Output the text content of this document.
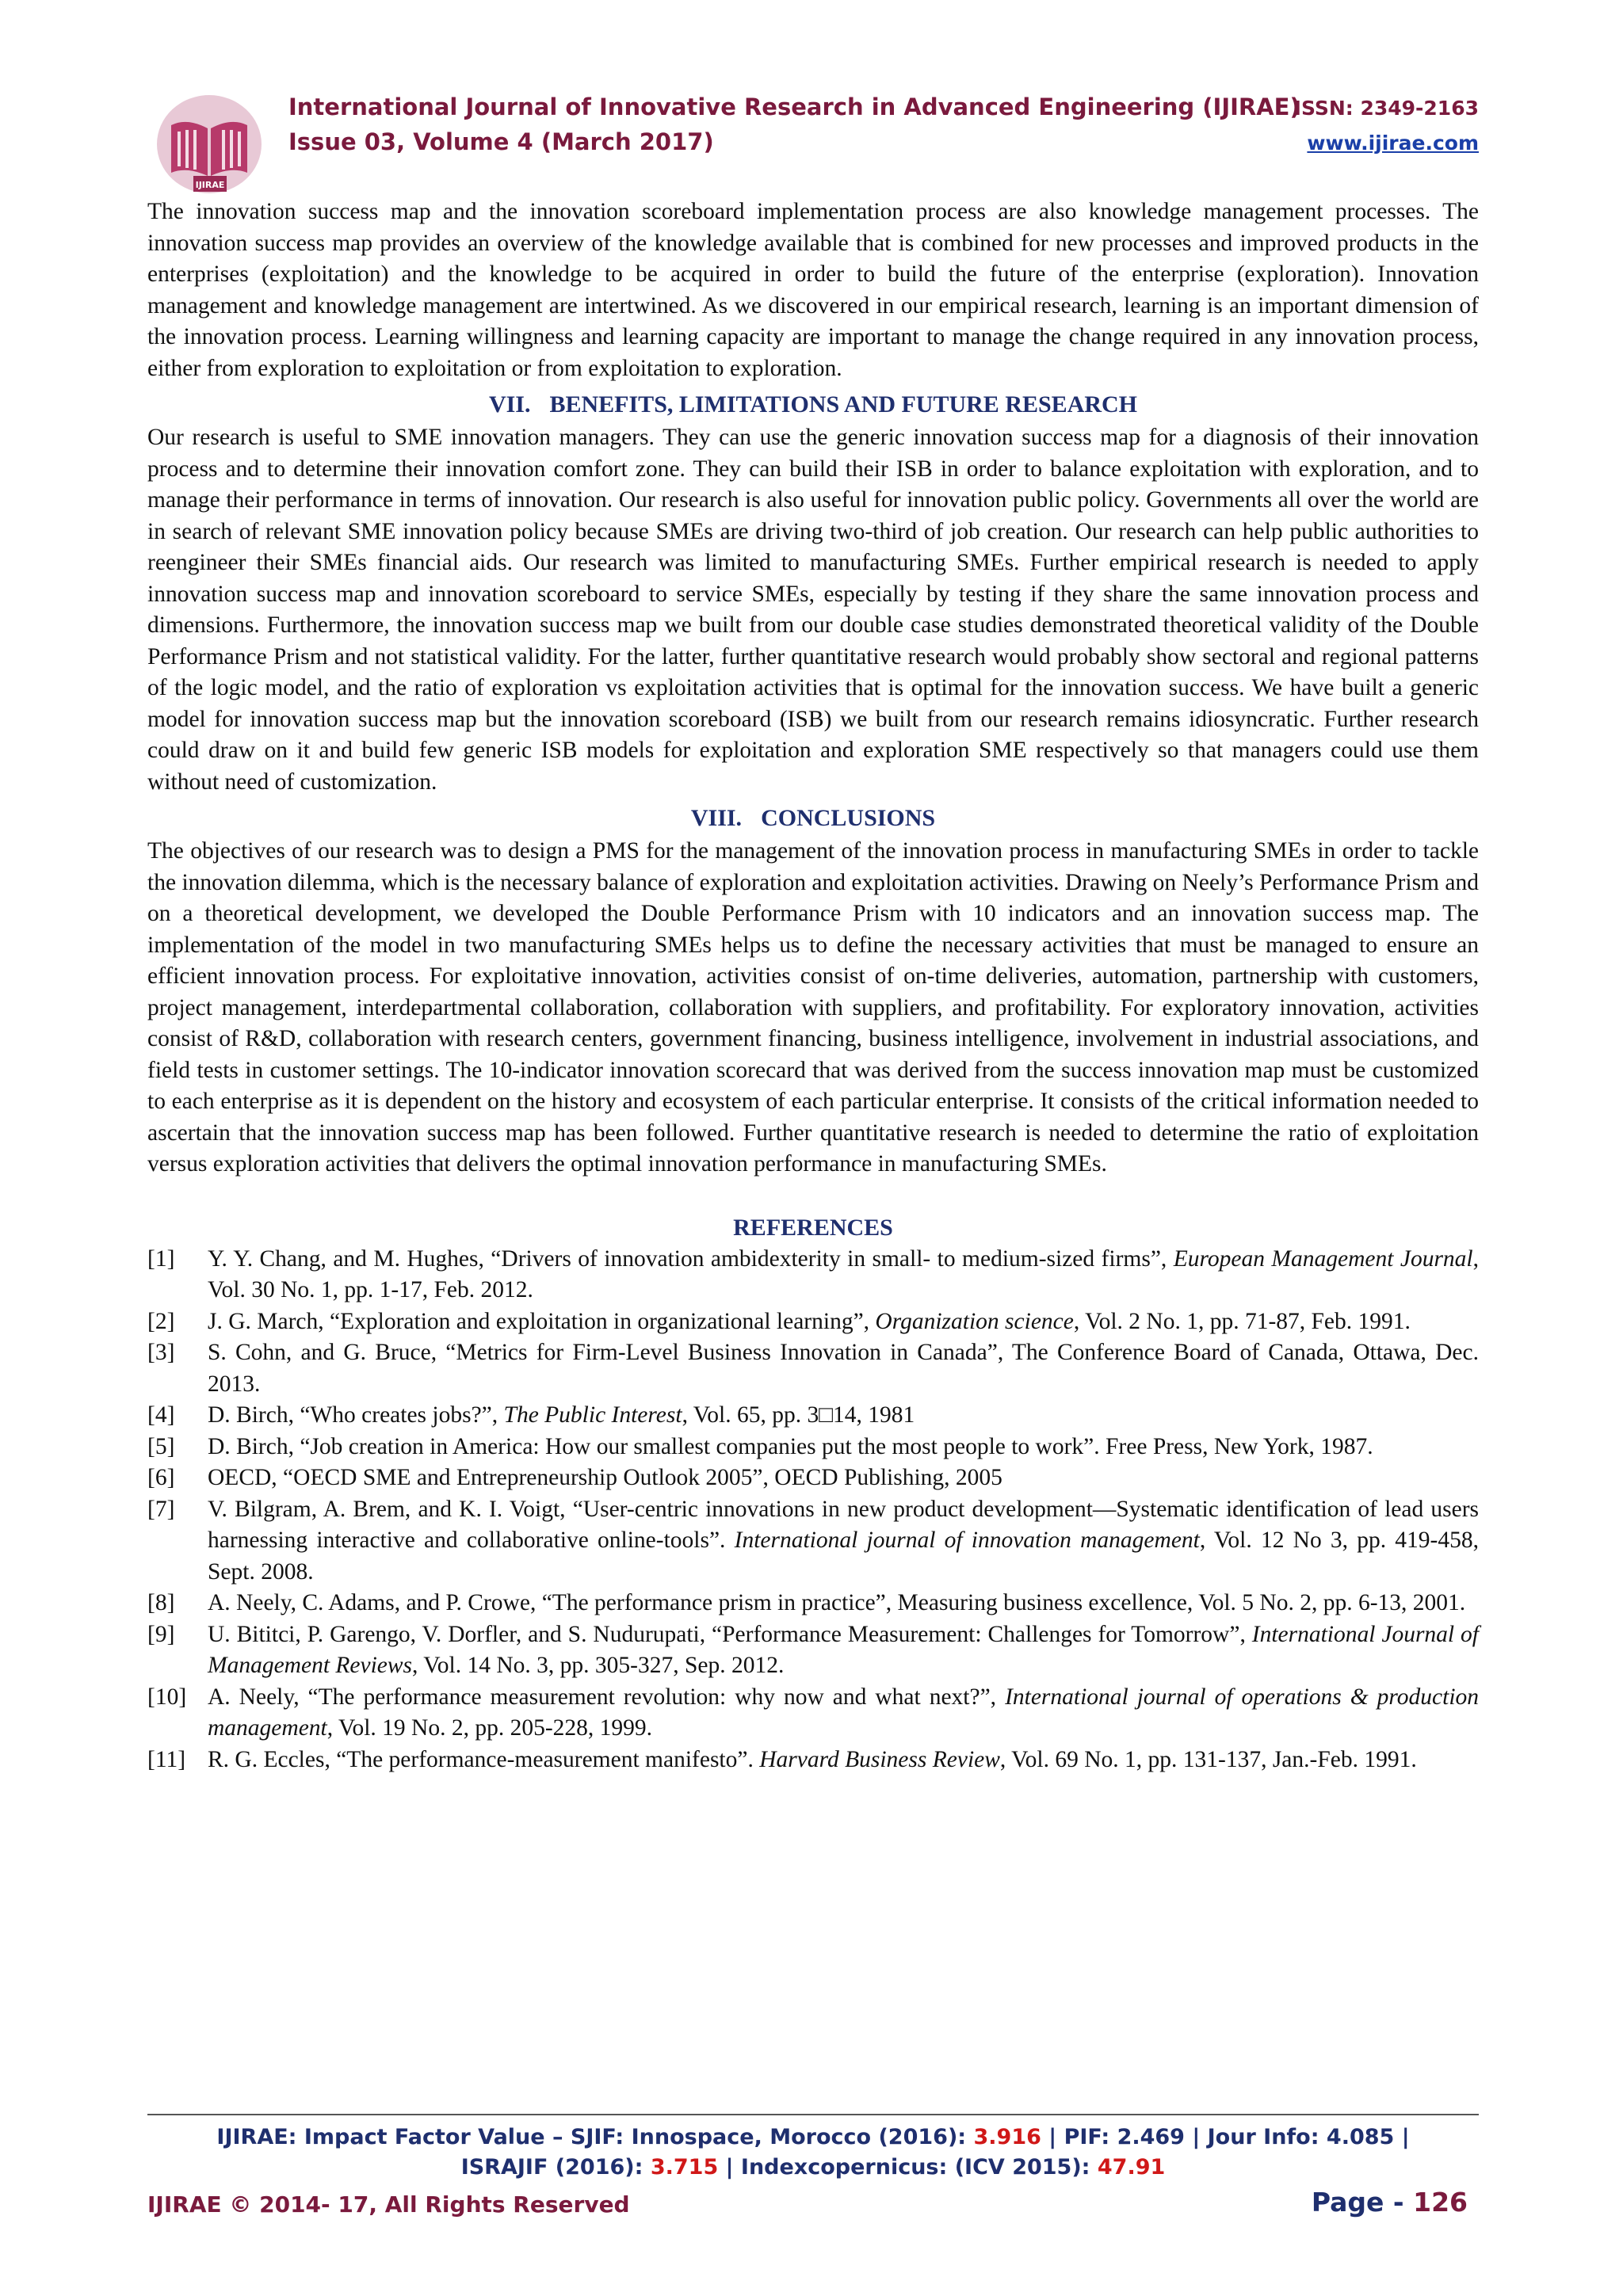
IJIRAE
International Journal of Innovative Research in Advanced Engineering (IJIRAE)
Issue 03, Volume 4 (March 2017)
ISSN: 2349-2163
www.ijirae.com

The innovation success map and the innovation scoreboard implementation process are also knowledge management processes. The innovation success map provides an overview of the knowledge available that is combined for new processes and improved products in the enterprises (exploitation) and the knowledge to be acquired in order to build the future of the enterprise (exploration). Innovation management and knowledge management are intertwined. As we discovered in our empirical research, learning is an important dimension of the innovation process. Learning willingness and learning capacity are important to manage the change required in any innovation process, either from exploration to exploitation or from exploitation to exploration.

VII. BENEFITS, LIMITATIONS AND FUTURE RESEARCH

Our research is useful to SME innovation managers. They can use the generic innovation success map for a diagnosis of their innovation process and to determine their innovation comfort zone. They can build their ISB in order to balance exploitation with exploration, and to manage their performance in terms of innovation. Our research is also useful for innovation public policy. Governments all over the world are in search of relevant SME innovation policy because SMEs are driving two-third of job creation. Our research can help public authorities to reengineer their SMEs financial aids. Our research was limited to manufacturing SMEs. Further empirical research is needed to apply innovation success map and innovation scoreboard to service SMEs, especially by testing if they share the same innovation process and dimensions. Furthermore, the innovation success map we built from our double case studies demonstrated theoretical validity of the Double Performance Prism and not statistical validity. For the latter, further quantitative research would probably show sectoral and regional patterns of the logic model, and the ratio of exploration vs exploitation activities that is optimal for the innovation success. We have built a generic model for innovation success map but the innovation scoreboard (ISB) we built from our research remains idiosyncratic. Further research could draw on it and build few generic ISB models for exploitation and exploration SME respectively so that managers could use them without need of customization.

VIII. CONCLUSIONS

The objectives of our research was to design a PMS for the management of the innovation process in manufacturing SMEs in order to tackle the innovation dilemma, which is the necessary balance of exploration and exploitation activities. Drawing on Neely’s Performance Prism and on a theoretical development, we developed the Double Performance Prism with 10 indicators and an innovation success map. The implementation of the model in two manufacturing SMEs helps us to define the necessary activities that must be managed to ensure an efficient innovation process. For exploitative innovation, activities consist of on-time deliveries, automation, partnership with customers, project management, interdepartmental collaboration, collaboration with suppliers, and profitability. For exploratory innovation, activities consist of R&D, collaboration with research centers, government financing, business intelligence, involvement in industrial associations, and field tests in customer settings. The 10-indicator innovation scorecard that was derived from the success innovation map must be customized to each enterprise as it is dependent on the history and ecosystem of each particular enterprise. It consists of the critical information needed to ascertain that the innovation success map has been followed. Further quantitative research is needed to determine the ratio of exploitation versus exploration activities that delivers the optimal innovation performance in manufacturing SMEs.

REFERENCES
[1]	Y. Y. Chang, and M. Hughes, “Drivers of innovation ambidexterity in small- to medium-sized firms”, European Management Journal, Vol. 30 No. 1, pp. 1-17, Feb. 2012.
[2]	J. G. March, “Exploration and exploitation in organizational learning”, Organization science, Vol. 2 No. 1, pp. 71-87, Feb. 1991.
[3]	S. Cohn, and G. Bruce, “Metrics for Firm-Level Business Innovation in Canada”, The Conference Board of Canada, Ottawa, Dec. 2013.
[4]	D. Birch, “Who creates jobs?”, The Public Interest, Vol. 65, pp. 3□14, 1981
[5]	D. Birch, “Job creation in America: How our smallest companies put the most people to work”. Free Press, New York, 1987.
[6]	OECD, “OECD SME and Entrepreneurship Outlook 2005”, OECD Publishing, 2005
[7]	V. Bilgram, A. Brem, and K. I. Voigt, “User-centric innovations in new product development—Systematic identification of lead users harnessing interactive and collaborative online-tools”. International journal of innovation management, Vol. 12 No 3, pp. 419-458, Sept. 2008.
[8]	A. Neely, C. Adams, and P. Crowe, “The performance prism in practice”, Measuring business excellence, Vol. 5 No. 2, pp. 6-13, 2001.
[9]	U. Bititci, P. Garengo, V. Dorfler, and S. Nudurupati, “Performance Measurement: Challenges for Tomorrow”, International Journal of Management Reviews, Vol. 14 No. 3, pp. 305-327, Sep. 2012.
[10] A. Neely, “The performance measurement revolution: why now and what next?”, International journal of operations & production management, Vol. 19 No. 2, pp. 205-228, 1999.
[11] R. G. Eccles, “The performance-measurement manifesto”. Harvard Business Review, Vol. 69 No. 1, pp. 131-137, Jan.-Feb. 1991.
IJIRAE: Impact Factor Value – SJIF: Innospace, Morocco (2016): 3.916 | PIF: 2.469 | Jour Info: 4.085 |
ISRAJIF (2016): 3.715 | Indexcopernicus: (ICV 2015): 47.91
IJIRAE © 2014- 17, All Rights Reserved	Page - 126
